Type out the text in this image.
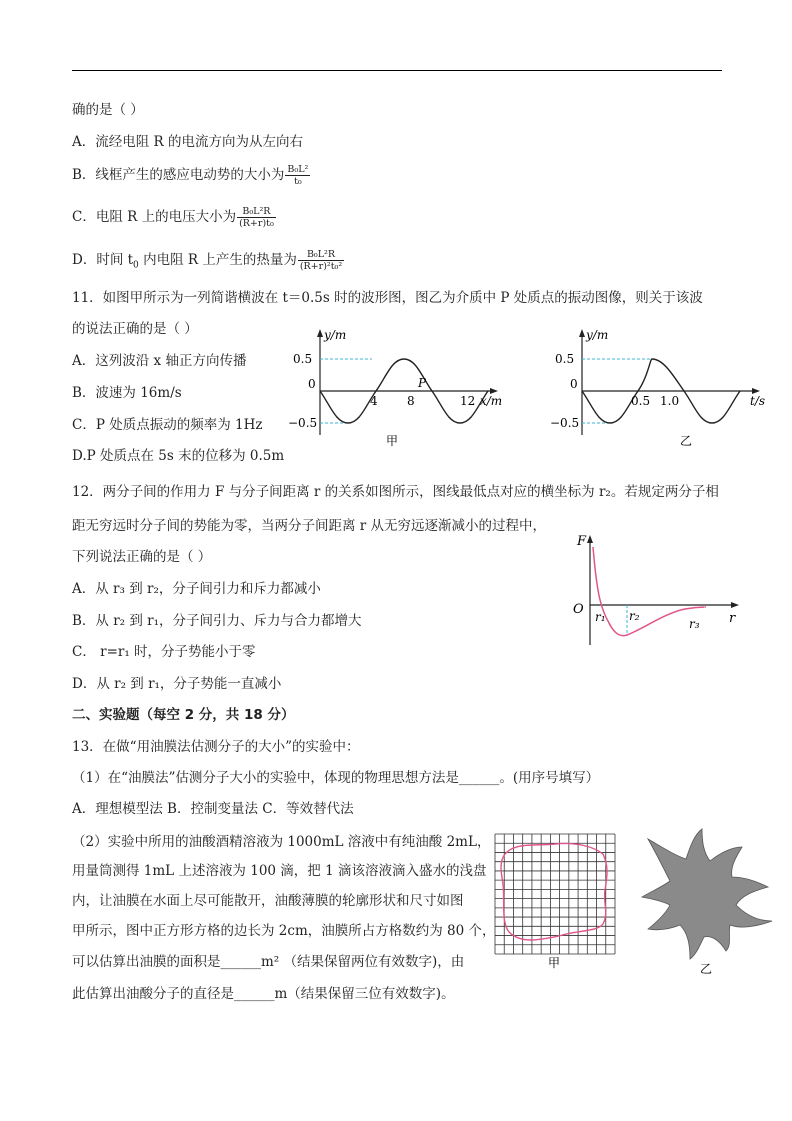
确的是（ ）
A．流经电阻 R 的电流方向为从左向右
B．线框产生的感应电动势的大小为 $\frac{\text{B₀L²}}{\text{t₀}}$
C．电阻 R 上的电压大小为 $\frac{\text{B₀L²R}}{\text{(R+r)t₀}}$
D．时间 $t_0$ 内电阻 R 上产生的热量为 $\frac{\text{B₀L²R}}{\text{(R+r)²t₀²}}$
11．如图甲所示为一列简谐横波在 t＝0.5s 时的波形图，图乙为介质中 P 处质点的振动图像，则关于该波
的说法正确的是（ ）
A．这列波沿 x 轴正方向传播
B．波速为 16m/s
C．P 处质点振动的频率为 1Hz
D.P 处质点在 5s 末的位移为 0.5m
y/m
0.5
0
−0.5
4 8
P
12 x/m
甲
y/m
0.5
0
−0.5
0.5 1.0	t/s
乙
12．两分子间的作用力 F 与分子间距离 r 的关系如图所示，图线最低点对应的横坐标为 r₂。若规定两分子相
距无穷远时分子间的势能为零，当两分子间距离 r 从无穷远逐渐减小的过程中，
下列说法正确的是（ ）
A．从 r₃ 到 r₂，分子间引力和斥力都减小
B．从 r₂ 到 r₁，分子间引力、斥力与合力都增大
C． r=r₁ 时，分子势能小于零
D．从 r₂ 到 r₁，分子势能一直减小
F
O r₁ r₂
r₃ r
二、实验题（每空 2 分，共 18 分）
13．在做“用油膜法估测分子的大小”的实验中：
（1）在“油膜法”估测分子大小的实验中，体现的物理思想方法是______。(用序号填写）
A．理想模型法 B．控制变量法 C．等效替代法
（2）实验中所用的油酸酒精溶液为 1000mL 溶液中有纯油酸 2mL，
用量筒测得 1mL 上述溶液为 100 滴，把 1 滴该溶液滴入盛水的浅盘
内，让油膜在水面上尽可能散开，油酸薄膜的轮廓形状和尺寸如图
甲所示，图中正方形方格的边长为 2cm，油膜所占方格数约为 80 个，
可以估算出油膜的面积是______m² （结果保留两位有效数字)，由
此估算出油酸分子的直径是______m（结果保留三位有效数字)。
甲	乙
